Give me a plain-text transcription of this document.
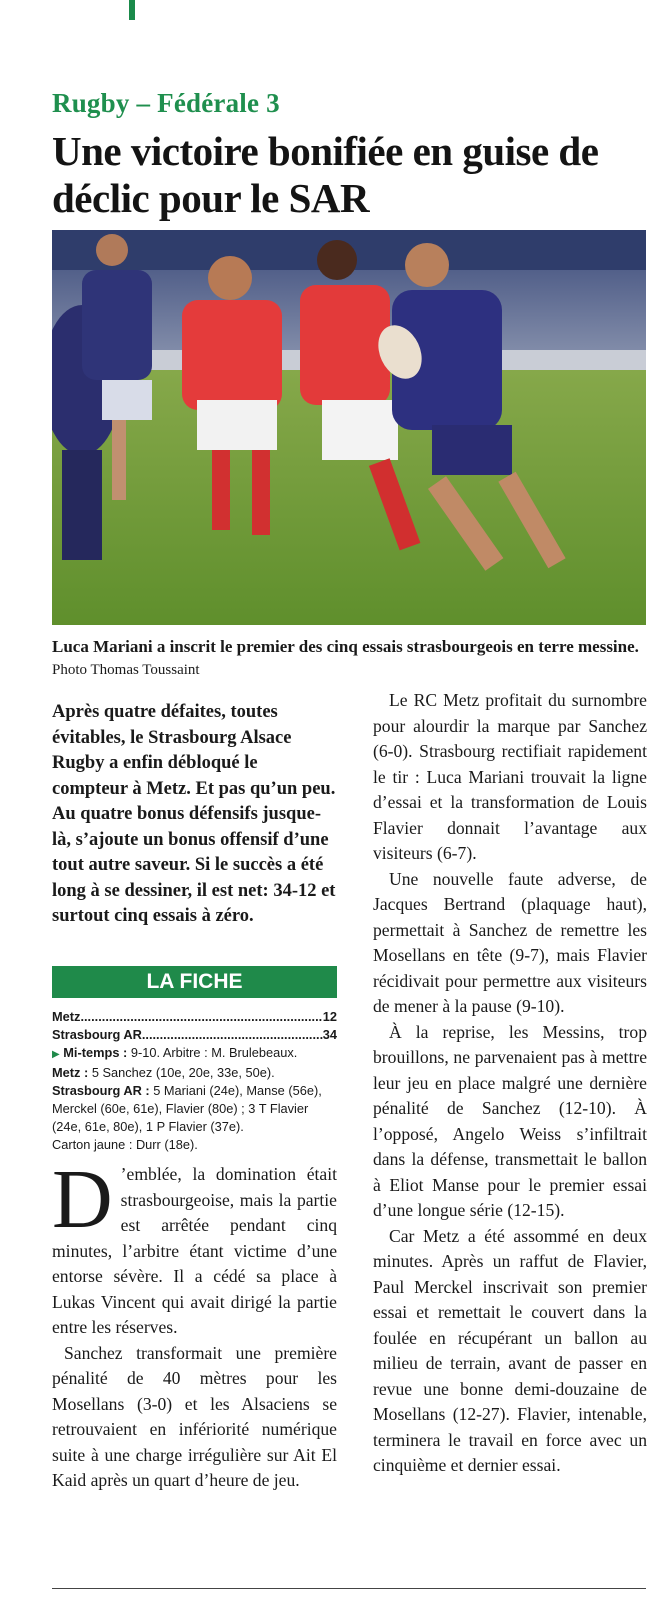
Rugby – Fédérale 3
Une victoire bonifiée en guise de déclic pour le SAR
Luca Mariani a inscrit le premier des cinq essais strasbourgeois en terre messine. Photo Thomas Toussaint

Après quatre défaites, toutes évitables, le Strasbourg Alsace Rugby a enfin débloqué le compteur à Metz. Et pas qu’un peu. Au quatre bonus défensifs jusque-là, s’ajoute un bonus offensif d’une tout autre saveur. Si le succès a été long à se dessiner, il est net: 34-12 et surtout cinq essais à zéro.

LA FICHE
Metz .....	12
Strasbourg AR .....	34

▶ Mi-temps : 9-10. Arbitre : M. Brulebeaux.

Metz : 5 Sanchez (10e, 20e, 33e, 50e).

Strasbourg AR : 5 Mariani (24e), Manse (56e), Merckel (60e, 61e), Flavier (80e) ; 3 T Flavier (24e, 61e, 80e), 1 P Flavier (37e).

Carton jaune : Durr (18e).

D ’emblée, la domination était strasbourgeoise, mais la partie est arrêtée pendant cinq minutes, l’arbitre étant victime d’une entorse sévère. Il a cédé sa place à Lukas Vincent qui avait dirigé la partie entre les réserves.

Sanchez transformait une première pénalité de 40 mètres pour les Mosellans (3-0) et les Alsaciens se retrouvaient en infériorité numérique suite à une charge irrégulière sur Ait El Kaid après un quart d’heure de jeu.

Le RC Metz profitait du surnombre pour alourdir la marque par Sanchez (6-0). Strasbourg rectifiait rapidement le tir : Luca Mariani trouvait la ligne d’essai et la transformation de Louis Flavier donnait l’avantage aux visiteurs (6-7).

Une nouvelle faute adverse, de Jacques Bertrand (plaquage haut), permettait à Sanchez de remettre les Mosellans en tête (9-7), mais Flavier récidivait pour permettre aux visiteurs de mener à la pause (9-10).

À la reprise, les Messins, trop brouillons, ne parvenaient pas à mettre leur jeu en place malgré une dernière pénalité de Sanchez (12-10). À l’opposé, Angelo Weiss s’infiltrait dans la défense, transmettait le ballon à Eliot Manse pour le premier essai d’une longue série (12-15).

Car Metz a été assommé en deux minutes. Après un raffut de Flavier, Paul Merckel inscrivait son premier essai et remettait le couvert dans la foulée en récupérant un ballon au milieu de terrain, avant de passer en revue une bonne demi-douzaine de Mosellans (12-27). Flavier, intenable, terminera le travail en force avec un cinquième et dernier essai.
